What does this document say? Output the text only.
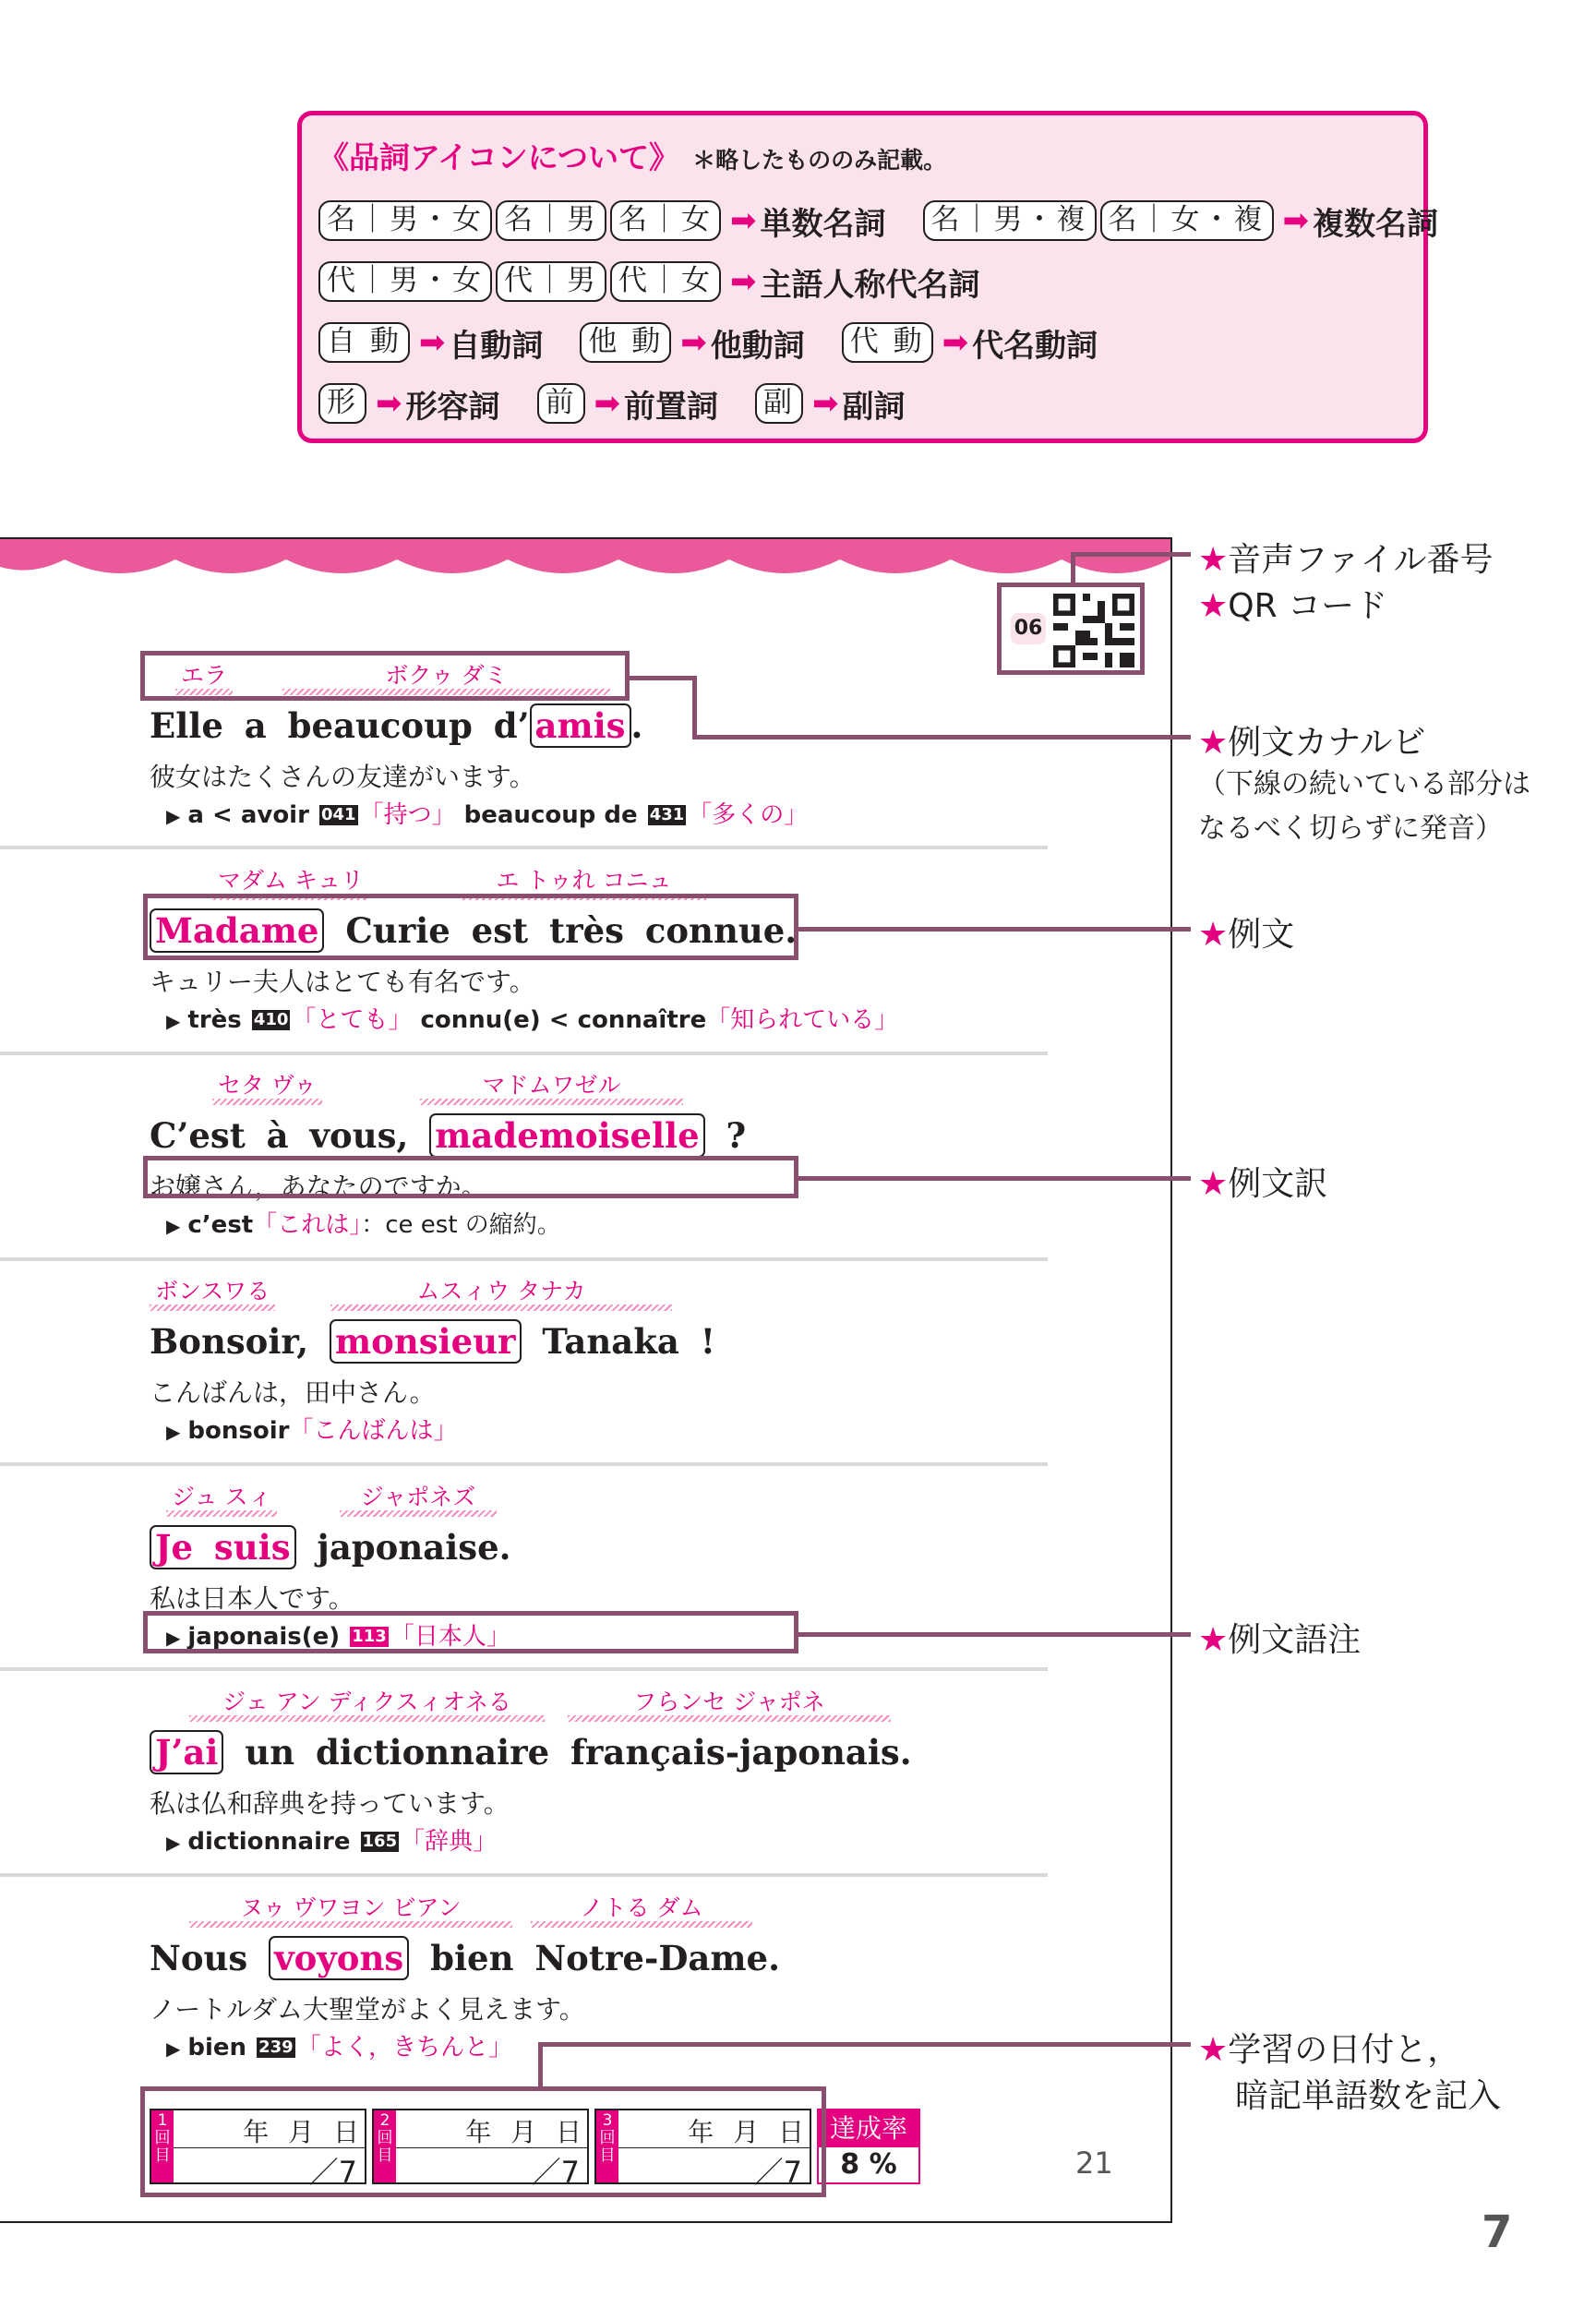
《品詞アイコンについて》 ＊略したもののみ記載。
名｜男・女 名｜男 名｜女 ➡ 単数名詞 名｜男・複 名｜女・複 ➡ 複数名詞
代｜男・女 代｜男 代｜女 ➡ 主語人称代名詞
自 動 ➡ 自動詞 他 動 ➡ 他動詞 代 動 ➡ 代名動詞
形 ➡ 形容詞 前 ➡ 前置詞 副 ➡ 副詞
06
エラ	ボクゥ ダミ
Elle a beaucoup d’ amis .
彼女はたくさんの友達がいます。
▶ a < avoir 041 「持つ」 beaucoup de 431 「多くの」
マダム キュリ	エ トゥれ コニュ
Madame Curie est très connue.
キュリー夫人はとても有名です。
▶ très 410 「とても」 connu(e) < connaître「知られている」
セタ ヴゥ	マドムワゼル
C’est à vous, mademoiselle ?
お嬢さん，あなたのですか。
▶ c’est「これは」：ce est の縮約。
ボンスワる	ムスィウ タナカ
Bonsoir, monsieur Tanaka !
こんばんは，田中さん。
▶ bonsoir「こんばんは」
ジュ スィ	ジャポネズ
Je suis japonaise.
私は日本人です。
▶ japonais(e) 113 「日本人」
ジェ アン ディクスィオネる	フらンセ ジャポネ
J’ai un dictionnaire français-japonais.
私は仏和辞典を持っています。
▶ dictionnaire 165 「辞典」
ヌゥ ヴワヨン ビアン	ノトる ダム
Nous voyons bien Notre-Dame.
ノートルダム大聖堂がよく見えます。
▶ bien 239 「よく，きちんと」
1 回 目
年 月 日
／7
2 回 目
年 月 日
／7
3 回 目
年 月 日
／7
達成率
8 %	21
★音声ファイル番号
★QR コード
★例文カナルビ
（下線の続いている部分は
なるべく切らずに発音）
★例文
★例文訳
★例文語注
★学習の日付と，
暗記単語数を記入
7
